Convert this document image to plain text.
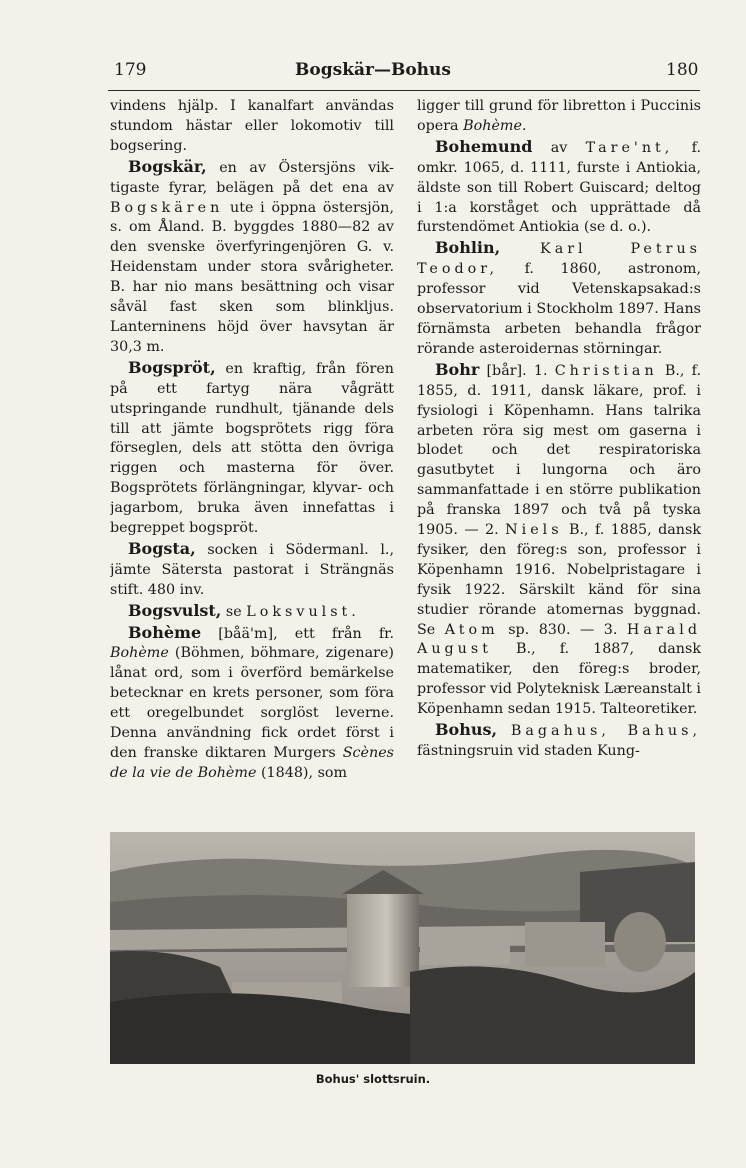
179	Bogskär—Bohus	180

vindens hjälp. I kanalfart användas stundom hästar eller lokomotiv till bogsering.

Bogskär, en av Östersjöns vik-tigaste fyrar, belägen på det ena av Bogskären ute i öppna östersjön, s. om Åland. B. byggdes 1880—82 av den svenske överfyringenjören G. v. Heidenstam under stora svårigheter. B. har nio mans besättning och visar såväl fast sken som blinkljus. Lanterninens höjd över havsytan är 30,3 m.

Bogspröt, en kraftig, från fören på ett fartyg nära vågrätt utspringande rundhult, tjänande dels till att jämte bogsprötets rigg föra förseglen, dels att stötta den övriga riggen och masterna för över. Bogsprötets förlängningar, klyvar- och jagarbom, bruka även innefattas i begreppet bogspröt.

Bogsta, socken i Södermanl. l., jämte Sätersta pastorat i Strängnäs stift. 480 inv.

Bogsvulst, se Loksvulst.

Bohème [båä'm], ett från fr. Bohème (Böhmen, böhmare, zigenare) lånat ord, som i överförd bemärkelse betecknar en krets personer, som föra ett oregelbundet sorglöst leverne. Denna användning fick ordet först i den franske diktaren Murgers Scènes de la vie de Bohème (1848), som

ligger till grund för libretton i Puccinis opera Bohème.

Bohemund av Tare'nt, f. omkr. 1065, d. 1111, furste i Antiokia, äldste son till Robert Guiscard; deltog i 1:a korståget och upprättade då furstendömet Antiokia (se d. o.).

Bohlin,	Karl Petrus Teodor, f. 1860, astronom, professor vid Vetenskapsakad:s observatorium i Stockholm 1897. Hans förnämsta arbeten behandla frågor rörande asteroidernas störningar.

Bohr [bår]. 1. Christian B., f. 1855, d. 1911, dansk läkare, prof. i fysiologi i Köpenhamn. Hans talrika arbeten röra sig mest om gaserna i blodet och det respiratoriska gasutbytet i lungorna och äro sammanfattade i en större publikation på franska 1897 och två på tyska 1905. — 2. Niels B., f. 1885, dansk fysiker, den föreg:s son, professor i Köpenhamn 1916. Nobelpristagare i fysik 1922. Särskilt känd för sina studier rörande atomernas byggnad. Se Atom sp. 830. — 3. Harald August B., f. 1887, dansk matematiker, den föreg:s broder, professor vid Polyteknisk Læreanstalt i Köpenhamn sedan 1915. Talteoretiker.

Bohus, Bagahus, Bahus, fästningsruin vid staden Kung-

Bohus' slottsruin.
